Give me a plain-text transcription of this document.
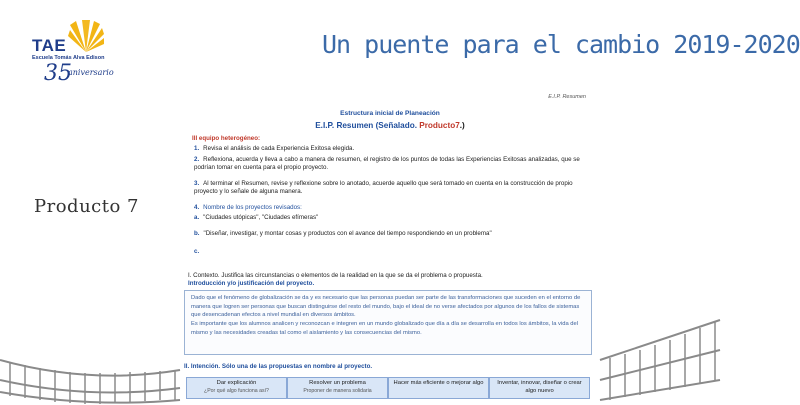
TAE
Escuela Tomás Alva Edison
35
aniversario
Un puente para el cambio 2019-2020
Producto 7
E.I.P. Resumen
Estructura inicial de Planeación
E.I.P. Resumen (Señalado. Producto7.)
III equipo heterogéneo:
1. Revisa el análisis de cada Experiencia Exitosa elegida.
2. Reflexiona, acuerda y lleva a cabo a manera de resumen, el registro de los puntos de todas las Experiencias Exitosas analizadas, que se podrían tomar en cuenta para el propio proyecto.
3. Al terminar el Resumen, revise y reflexione sobre lo anotado, acuerde aquello que será tomado en cuenta en la construcción de propio proyecto y lo señale de alguna manera.
4. Nombre de los proyectos revisados:
a. "Ciudades utópicas", "Ciudades efímeras"
b. "Diseñar, investigar, y montar cosas y productos con el avance del tiempo respondiendo en un problema"
c.
I. Contexto. Justifica las circunstancias o elementos de la realidad en la que se da el problema o propuesta.
Introducción y/o justificación del proyecto.
Dado que el fenómeno de globalización se da y es necesario que las personas puedan ser parte de las transformaciones que suceden en el entorno de manera que logren ser personas que buscan distinguirse del resto del mundo, bajo el ideal de no verse afectados por algunos de los fallos de sistemas que desencadenan efectos a nivel mundial en diversos ámbitos.
Es importante que los alumnos analicen y reconozcan e integren en un mundo globalizado que día a día se desarrolla en todos los ámbitos, la vida del mismo y las necesidades creadas tal como el aislamiento y las consecuencias del mismo.
II. Intención. Sólo una de las propuestas en nombre al proyecto.
Dar explicación
¿Por qué algo funciona así?
Resolver un problema
Proponer de manera solidaria
Hacer más eficiente o mejorar algo	Inventar, innovar, diseñar o crear algo nuevo
